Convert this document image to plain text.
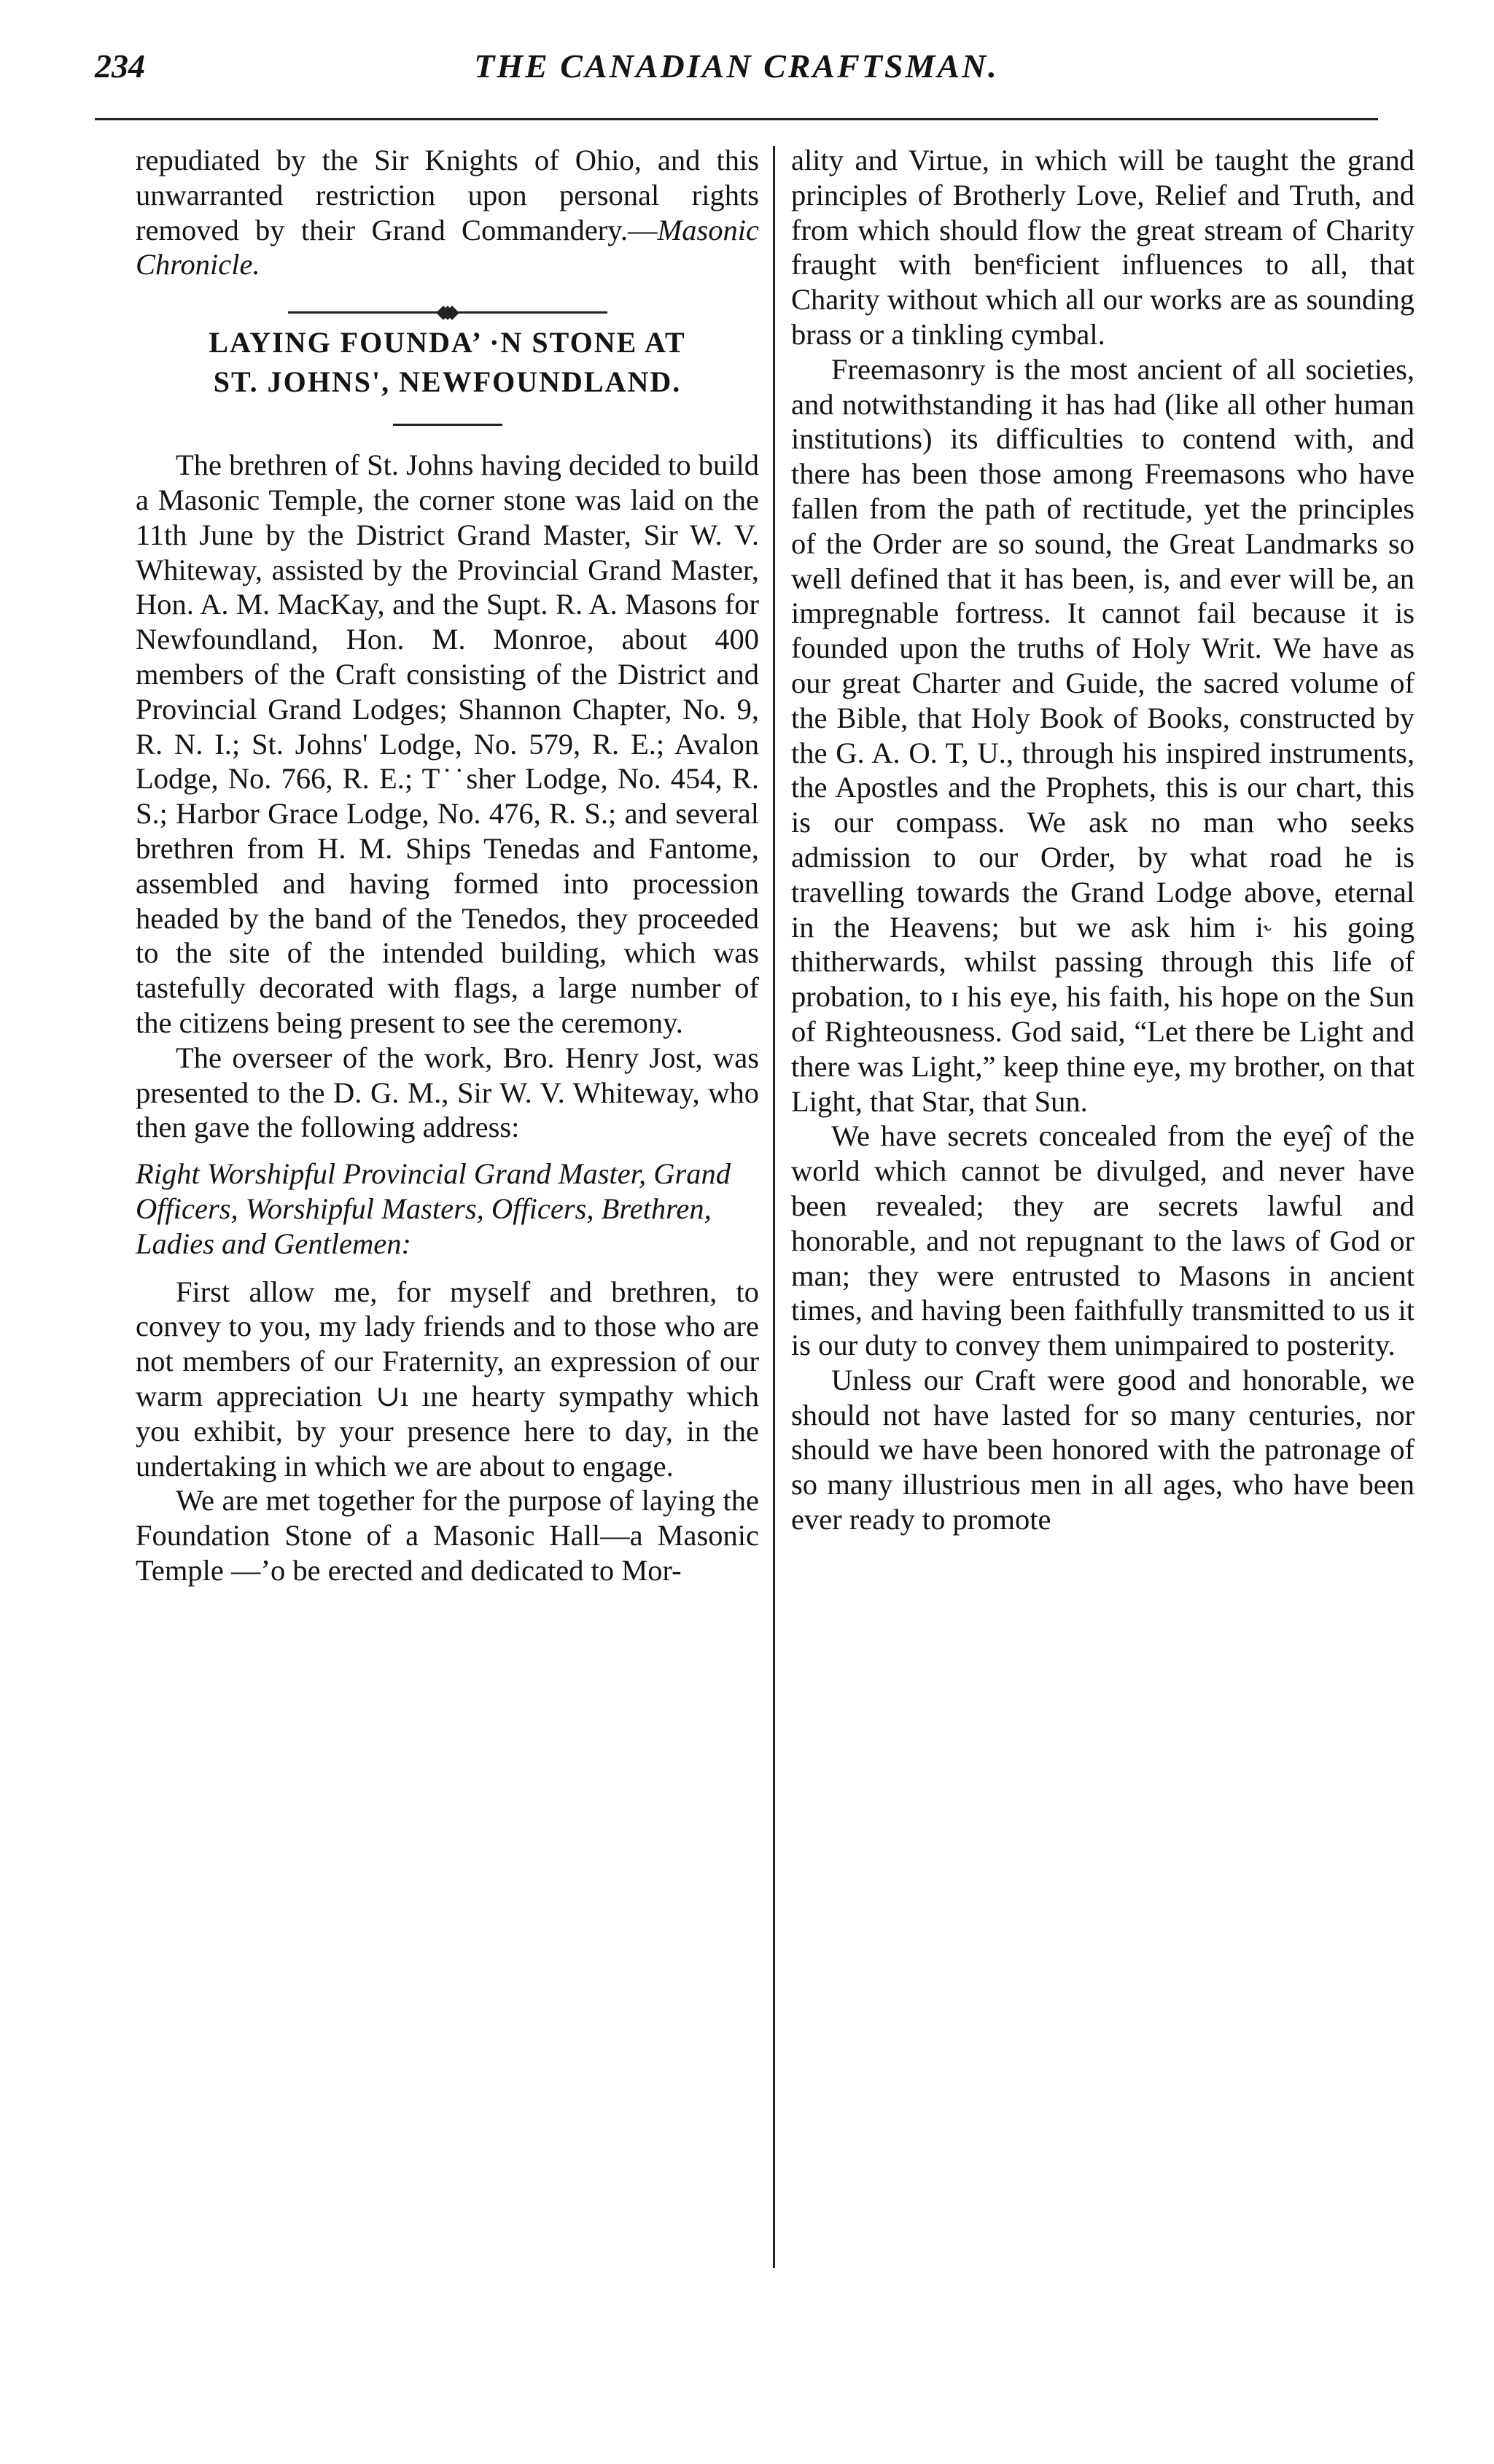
234	THE CANADIAN CRAFTSMAN.

repudiated by the Sir Knights of Ohio, and this unwarranted restriction upon personal rights removed by their Grand Commandery.—Masonic Chronicle.

LAYING FOUNDA’ ·N STONE AT

ST. JOHNS', NEWFOUNDLAND.

The brethren of St. Johns having decided to build a Masonic Temple, the corner stone was laid on the 11th June by the District Grand Master, Sir W. V. Whiteway, assisted by the Provincial Grand Master, Hon. A. M. MacKay, and the Supt. R. A. Masons for Newfoundland, Hon. M. Monroe, about 400 members of the Craft consisting of the District and Provincial Grand Lodges; Shannon Chapter, No. 9, R. N. I.; St. Johns' Lodge, No. 579, R. E.; Avalon Lodge, No. 766, R. E.; T˙˙sher Lodge, No. 454, R. S.; Harbor Grace Lodge, No. 476, R. S.; and several brethren from H. M. Ships Tenedas and Fantome, assembled and having formed into procession headed by the band of the Tenedos, they proceeded to the site of the intended building, which was tastefully decorated with flags, a large number of the citizens being present to see the ceremony.

The overseer of the work, Bro. Henry Jost, was presented to the D. G. M., Sir W. V. Whiteway, who then gave the following address:

Right Worshipful Provincial Grand Master, Grand Officers, Worshipful Masters, Officers, Brethren, Ladies and Gentlemen:

First allow me, for myself and brethren, to convey to you, my lady friends and to those who are not members of our Fraternity, an expression of our warm appreciation ∪ı ıne hearty sympathy which you exhibit, by your presence here to day, in the undertaking in which we are about to engage.

We are met together for the purpose of laying the Foundation Stone of a Masonic Hall—a Masonic Temple —ʼo be erected and dedicated to Mor-

ality and Virtue, in which will be taught the grand principles of Brotherly Love, Relief and Truth, and from which should flow the great stream of Charity fraught with benᵉficient influences to all, that Charity without which all our works are as sounding brass or a tinkling cymbal.

Freemasonry is the most ancient of all societies, and notwithstanding it has had (like all other human institutions) its difficulties to contend with, and there has been those among Freemasons who have fallen from the path of rectitude, yet the principles of the Order are so sound, the Great Landmarks so well defined that it has been, is, and ever will be, an impregnable fortress. It cannot fail because it is founded upon the truths of Holy Writ. We have as our great Charter and Guide, the sacred volume of the Bible, that Holy Book of Books, constructed by the G. A. O. T, U., through his inspired instruments, the Apostles and the Prophets, this is our chart, this is our compass. We ask no man who seeks admission to our Order, by what road he is travelling towards the Grand Lodge above, eternal in the Heavens; but we ask him i˞ his going thitherwards, whilst passing through this life of probation, to ɪ his eye, his faith, his hope on the Sun of Righteousness. God said, “Let there be Light and there was Light,” keep thine eye, my brother, on that Light, that Star, that Sun.

We have secrets concealed from the eyeĵ of the world which cannot be divulged, and never have been revealed; they are secrets lawful and honorable, and not repugnant to the laws of God or man; they were entrusted to Masons in ancient times, and having been faithfully transmitted to us it is our duty to convey them unimpaired to posterity.

Unless our Craft were good and honorable, we should not have lasted for so many centuries, nor should we have been honored with the patronage of so many illustrious men in all ages, who have been ever ready to promote
